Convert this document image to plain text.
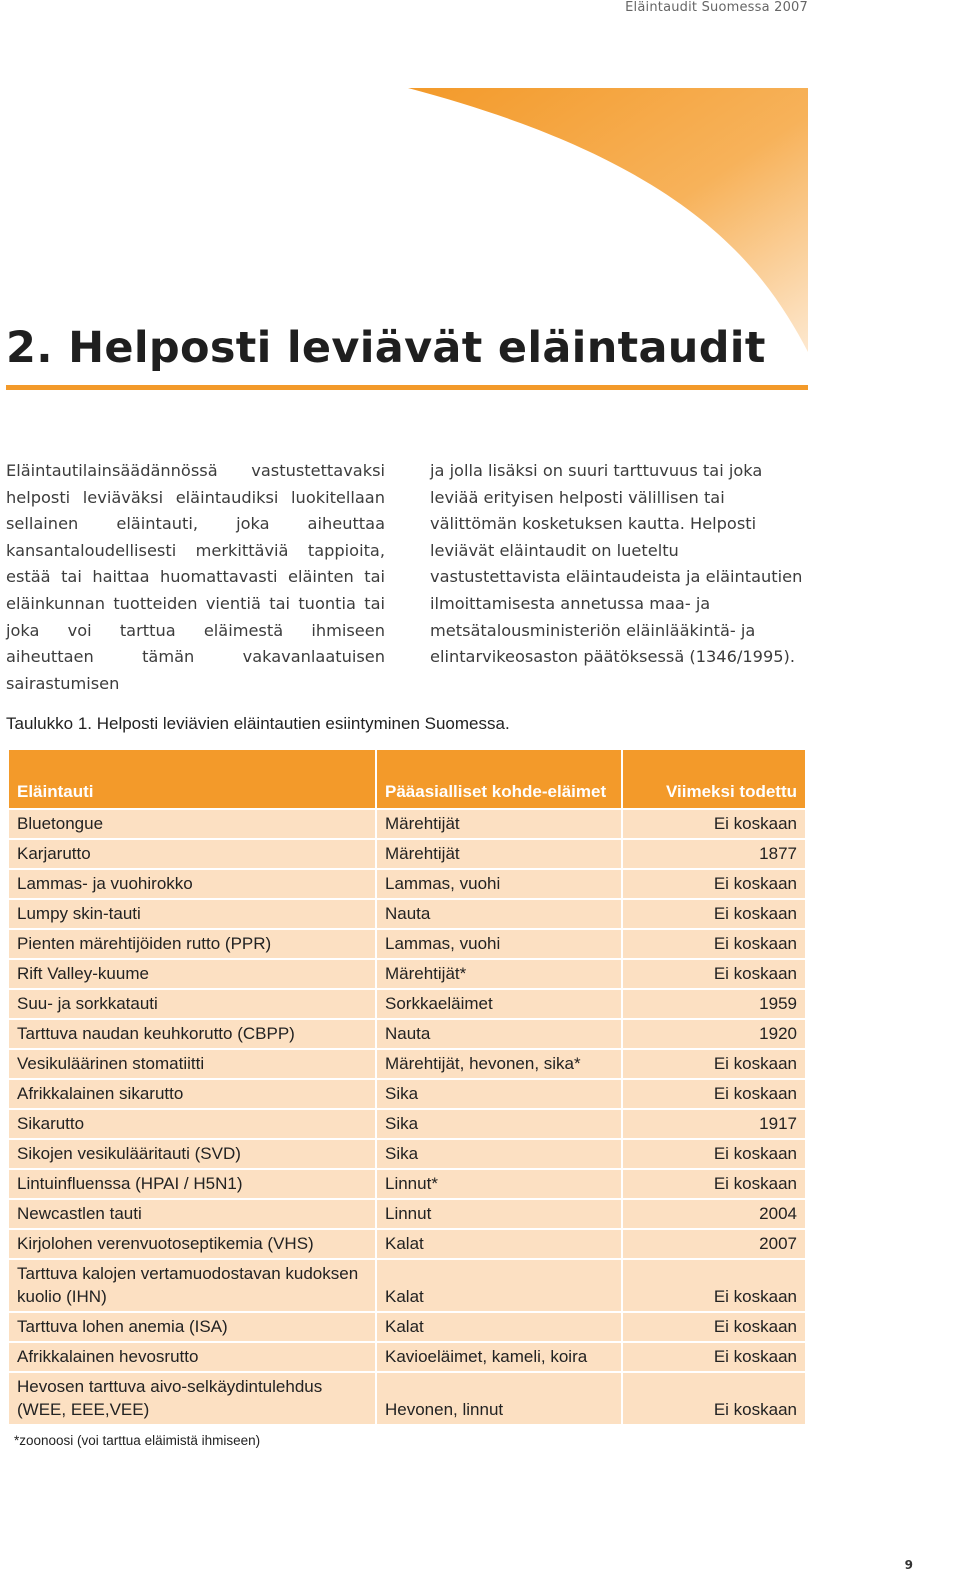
Eläintaudit Suomessa 2007
2. Helposti leviävät eläintaudit

Eläintautilainsäädännössä vastustettavaksi helposti leviäväksi eläintaudiksi luokitellaan sellainen eläintauti, joka aiheuttaa kansantaloudellisesti merkittäviä tappioita, estää tai haittaa huomattavasti eläinten tai eläinkunnan tuotteiden vientiä tai tuontia tai joka voi tarttua eläimestä ihmiseen aiheuttaen tämän vakavanlaatuisen sairastumisen

ja jolla lisäksi on suuri tarttuvuus tai joka leviää erityisen helposti välillisen tai välittömän kosketuksen kautta. Helposti leviävät eläintaudit on lueteltu vastustettavista eläintaudeista ja eläintautien ilmoittamisesta annetussa maa- ja metsätalousministeriön eläinlääkintä- ja elintarvikeosaston päätöksessä (1346/1995).

Taulukko 1. Helposti leviävien eläintautien esiintyminen Suomessa.

Eläintauti	Pääasialliset kohde-eläimet	Viimeksi todettu
Bluetongue	Märehtijät	Ei koskaan
Karjarutto	Märehtijät	1877
Lammas- ja vuohirokko	Lammas, vuohi	Ei koskaan
Lumpy skin-tauti	Nauta	Ei koskaan
Pienten märehtijöiden rutto (PPR)	Lammas, vuohi	Ei koskaan
Rift Valley-kuume	Märehtijät*	Ei koskaan
Suu- ja sorkkatauti	Sorkkaeläimet	1959
Tarttuva naudan keuhkorutto (CBPP)	Nauta	1920
Vesikuläärinen stomatiitti	Märehtijät, hevonen, sika*	Ei koskaan
Afrikkalainen sikarutto	Sika	Ei koskaan
Sikarutto	Sika	1917
Sikojen vesikulääritauti (SVD)	Sika	Ei koskaan
Lintuinfluenssa (HPAI / H5N1)	Linnut*	Ei koskaan
Newcastlen tauti	Linnut	2004
Kirjolohen verenvuotoseptikemia (VHS)	Kalat	2007
Tarttuva kalojen vertamuodostavan kudoksen kuolio (IHN)	Kalat	Ei koskaan
Tarttuva lohen anemia (ISA)	Kalat	Ei koskaan
Afrikkalainen hevosrutto	Kavioeläimet, kameli, koira	Ei koskaan
Hevosen tarttuva aivo-selkäydintulehdus (WEE, EEE,VEE)	Hevonen, linnut	Ei koskaan

*zoonoosi (voi tarttua eläimistä ihmiseen)

9
